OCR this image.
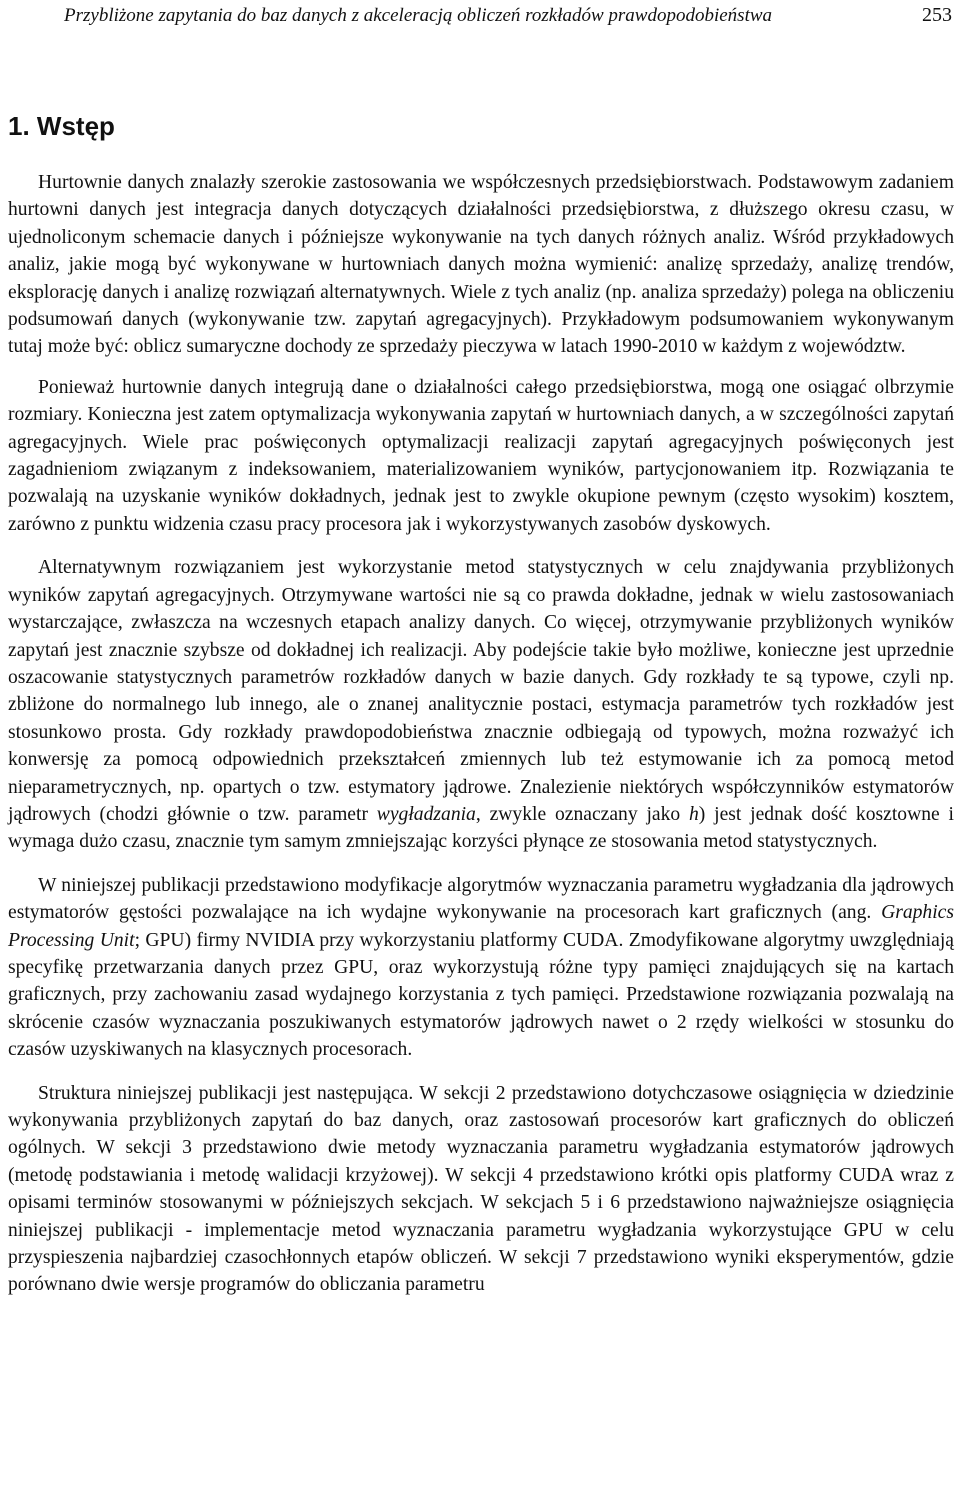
Przybliżone zapytania do baz danych z akceleracją obliczeń rozkładów prawdopodobieństwa	253
1. Wstęp

Hurtownie danych znalazły szerokie zastosowania we współczesnych przedsiębiorstwach. Podstawowym zadaniem hurtowni danych jest integracja danych dotyczących działalności przedsiębiorstwa, z dłuższego okresu czasu, w ujednoliconym schemacie danych i późniejsze wykonywanie na tych danych różnych analiz. Wśród przykładowych analiz, jakie mogą być wykonywane w hurtowniach danych można wymienić: analizę sprzedaży, analizę trendów, eksplorację danych i analizę rozwiązań alternatywnych. Wiele z tych analiz (np. analiza sprzedaży) polega na obliczeniu podsumowań danych (wykonywanie tzw. zapytań agregacyjnych). Przykładowym podsumowaniem wykonywanym tutaj może być: oblicz sumaryczne dochody ze sprzedaży pieczywa w latach 1990-2010 w każdym z województw.

Ponieważ hurtownie danych integrują dane o działalności całego przedsiębiorstwa, mogą one osiągać olbrzymie rozmiary. Konieczna jest zatem optymalizacja wykonywania zapytań w hurtowniach danych, a w szczególności zapytań agregacyjnych. Wiele prac poświęconych optymalizacji realizacji zapytań agregacyjnych poświęconych jest zagadnieniom związanym z indeksowaniem, materializowaniem wyników, partycjonowaniem itp. Rozwiązania te pozwalają na uzyskanie wyników dokładnych, jednak jest to zwykle okupione pewnym (często wysokim) kosztem, zarówno z punktu widzenia czasu pracy procesora jak i wykorzystywanych zasobów dyskowych.

Alternatywnym rozwiązaniem jest wykorzystanie metod statystycznych w celu znajdywania przybliżonych wyników zapytań agregacyjnych. Otrzymywane wartości nie są co prawda dokładne, jednak w wielu zastosowaniach wystarczające, zwłaszcza na wczesnych etapach analizy danych. Co więcej, otrzymywanie przybliżonych wyników zapytań jest znacznie szybsze od dokładnej ich realizacji. Aby podejście takie było możliwe, konieczne jest uprzednie oszacowanie statystycznych parametrów rozkładów danych w bazie danych. Gdy rozkłady te są typowe, czyli np. zbliżone do normalnego lub innego, ale o znanej analitycznie postaci, estymacja parametrów tych rozkładów jest stosunkowo prosta. Gdy rozkłady prawdopodobieństwa znacznie odbiegają od typowych, można rozważyć ich konwersję za pomocą odpowiednich przekształceń zmiennych lub też estymowanie ich za pomocą metod nieparametrycznych, np. opartych o tzw. estymatory jądrowe. Znalezienie niektórych współczynników estymatorów jądrowych (chodzi głównie o tzw. parametr wygładzania, zwykle oznaczany jako h) jest jednak dość kosztowne i wymaga dużo czasu, znacznie tym samym zmniejszając korzyści płynące ze stosowania metod statystycznych.

W niniejszej publikacji przedstawiono modyfikacje algorytmów wyznaczania parametru wygładzania dla jądrowych estymatorów gęstości pozwalające na ich wydajne wykonywanie na procesorach kart graficznych (ang. Graphics Processing Unit; GPU) firmy NVIDIA przy wykorzystaniu platformy CUDA. Zmodyfikowane algorytmy uwzględniają specyfikę przetwarzania danych przez GPU, oraz wykorzystują różne typy pamięci znajdujących się na kartach graficznych, przy zachowaniu zasad wydajnego korzystania z tych pamięci. Przedstawione rozwiązania pozwalają na skrócenie czasów wyznaczania poszukiwanych estymatorów jądrowych nawet o 2 rzędy wielkości w stosunku do czasów uzyskiwanych na klasycznych procesorach.

Struktura niniejszej publikacji jest następująca. W sekcji 2 przedstawiono dotychczasowe osiągnięcia w dziedzinie wykonywania przybliżonych zapytań do baz danych, oraz zastosowań procesorów kart graficznych do obliczeń ogólnych. W sekcji 3 przedstawiono dwie metody wyznaczania parametru wygładzania estymatorów jądrowych (metodę podstawiania i metodę walidacji krzyżowej). W sekcji 4 przedstawiono krótki opis platformy CUDA wraz z opisami terminów stosowanymi w późniejszych sekcjach. W sekcjach 5 i 6 przedstawiono najważniejsze osiągnięcia niniejszej publikacji - implementacje metod wyznaczania parametru wygładzania wykorzystujące GPU w celu przyspieszenia najbardziej czasochłonnych etapów obliczeń. W sekcji 7 przedstawiono wyniki eksperymentów, gdzie porównano dwie wersje programów do obliczania parametru
